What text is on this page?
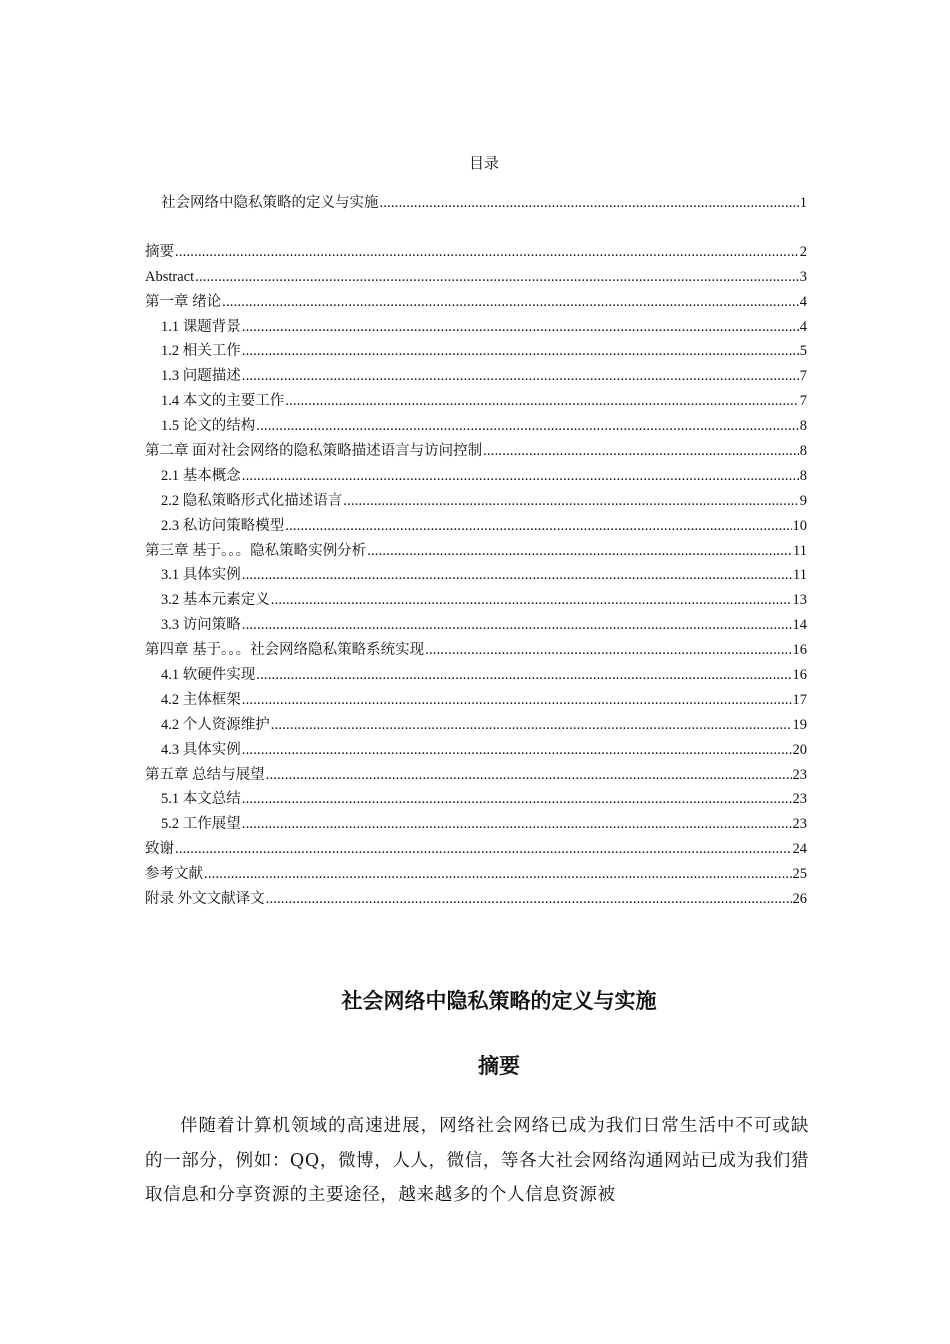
目录
社会网络中隐私策略的定义与实施 .....	1
摘要 .....	2
Abstract .....	3
第一章 绪论 .....	4
1.1 课题背景 .....	4
1.2 相关工作 .....	5
1.3 问题描述 .....	7
1.4 本文的主要工作 .....	7
1.5 论文的结构 .....	8
第二章 面对社会网络的隐私策略描述语言与访问控制 .....	8
2.1 基本概念 .....	8
2.2 隐私策略形式化描述语言 .....	9
2.3 私访问策略模型 .....	10
第三章 基于。。。隐私策略实例分析 .....	11
3.1 具体实例 .....	11
3.2 基本元素定义 .....	13
3.3 访问策略 .....	14
第四章 基于。。。社会网络隐私策略系统实现 .....	16
4.1 软硬件实现 .....	16
4.2 主体框架 .....	17
4.2 个人资源维护 .....	19
4.3 具体实例 .....	20
第五章 总结与展望 .....	23
5.1 本文总结 .....	23
5.2 工作展望 .....	23
致谢 .....	24
参考文献 .....	25
附录 外文文献译文 .....	26
社会网络中隐私策略的定义与实施
摘要

伴随着计算机领域的高速进展，网络社会网络已成为我们日常生活中不可或缺的一部分，例如：QQ，微博，人人，微信，等各大社会网络沟通网站已成为我们猎取信息和分享资源的主要途径，越来越多的个人信息资源被
